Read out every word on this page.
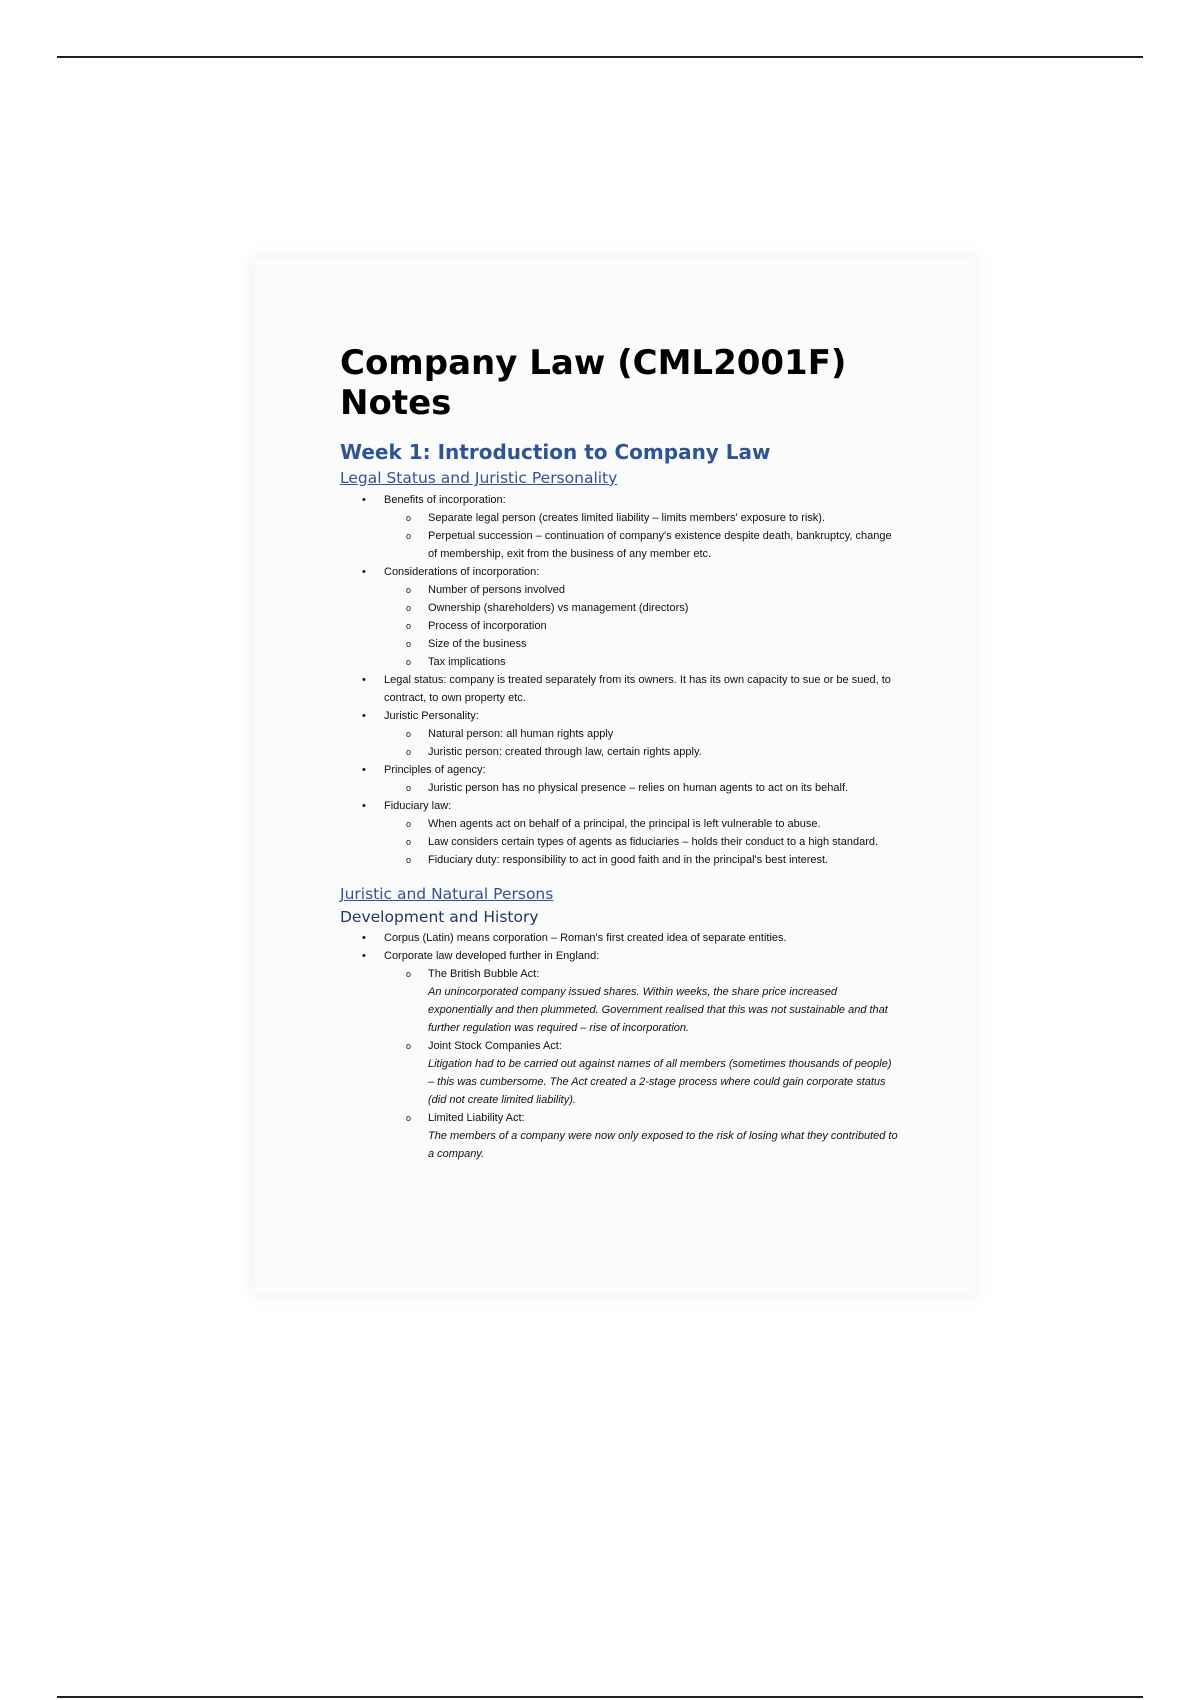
Company Law (CML2001F)
Notes
Week 1: Introduction to Company Law
Legal Status and Juristic Personality
• Benefits of incorporation:
o Separate legal person (creates limited liability – limits members' exposure to risk).
o Perpetual succession – continuation of company's existence despite death, bankruptcy, change of membership, exit from the business of any member etc.
• Considerations of incorporation:
o Number of persons involved
o Ownership (shareholders) vs management (directors)
o Process of incorporation
o Size of the business
o Tax implications
• Legal status: company is treated separately from its owners. It has its own capacity to sue or be sued, to contract, to own property etc.
• Juristic Personality:
o Natural person: all human rights apply
o Juristic person: created through law, certain rights apply.
• Principles of agency:
o Juristic person has no physical presence – relies on human agents to act on its behalf.
• Fiduciary law:
o When agents act on behalf of a principal, the principal is left vulnerable to abuse.
o Law considers certain types of agents as fiduciaries – holds their conduct to a high standard.
o Fiduciary duty: responsibility to act in good faith and in the principal's best interest.
Juristic and Natural Persons
Development and History
• Corpus (Latin) means corporation – Roman's first created idea of separate entities.
• Corporate law developed further in England:
o The British Bubble Act:
An unincorporated company issued shares. Within weeks, the share price increased exponentially and then plummeted. Government realised that this was not sustainable and that further regulation was required – rise of incorporation.
o Joint Stock Companies Act:
Litigation had to be carried out against names of all members (sometimes thousands of people) – this was cumbersome. The Act created a 2-stage process where could gain corporate status (did not create limited liability).
o Limited Liability Act:
The members of a company were now only exposed to the risk of losing what they contributed to a company.
